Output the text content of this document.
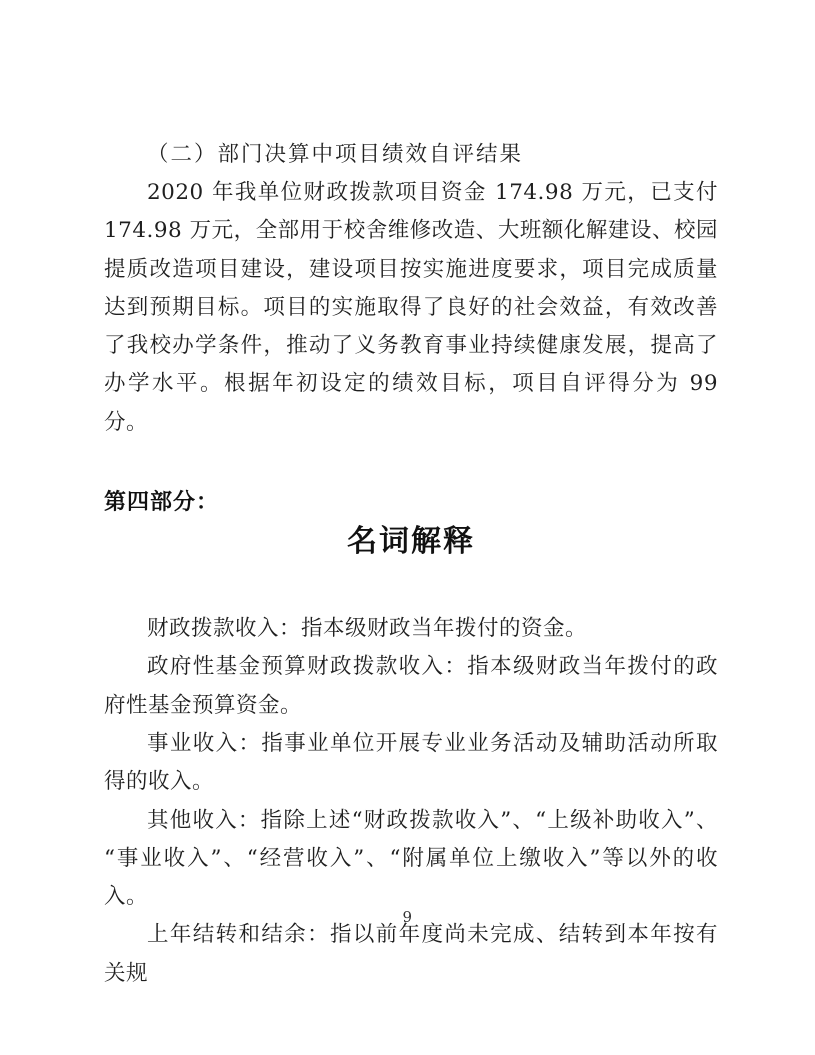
（二）部门决算中项目绩效自评结果

2020 年我单位财政拨款项目资金 174.98 万元，已支付 174.98 万元，全部用于校舍维修改造、大班额化解建设、校园提质改造项目建设，建设项目按实施进度要求，项目完成质量达到预期目标。项目的实施取得了良好的社会效益，有效改善了我校办学条件，推动了义务教育事业持续健康发展，提高了办学水平。根据年初设定的绩效目标，项目自评得分为 99 分。

第四部分：

名词解释

财政拨款收入：指本级财政当年拨付的资金。

政府性基金预算财政拨款收入：指本级财政当年拨付的政府性基金预算资金。

事业收入：指事业单位开展专业业务活动及辅助活动所取得的收入。

其他收入：指除上述“财政拨款收入”、“上级补助收入”、“事业收入”、“经营收入”、“附属单位上缴收入”等以外的收入。

上年结转和结余：指以前年度尚未完成、结转到本年按有关规

9
